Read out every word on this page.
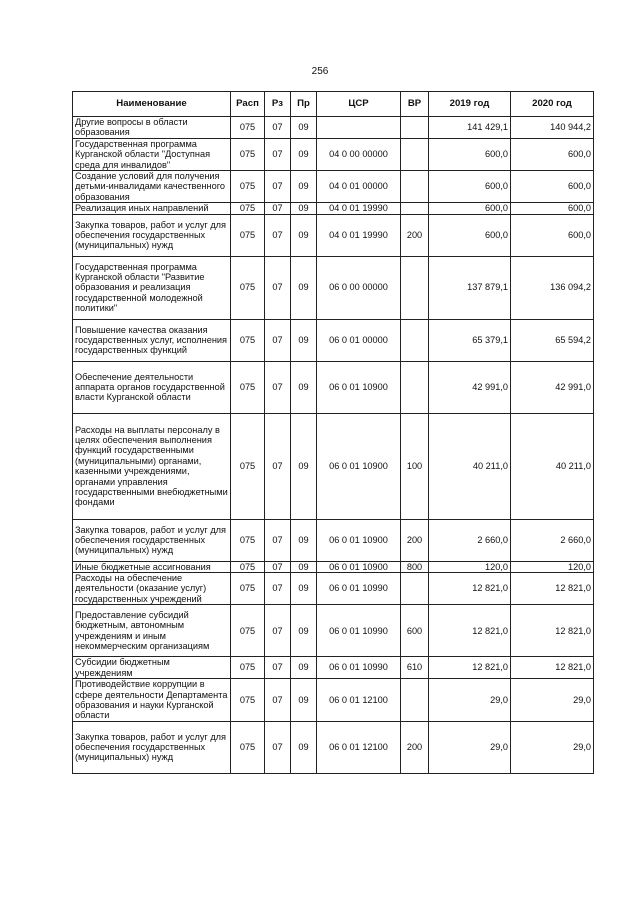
256
Наименование	Расп	Рз	Пр	ЦСР	ВР	2019 год	2020 год
Другие вопросы в области образования	075	07	09			141 429,1	140 944,2
Государственная программа Курганской области "Доступная среда для инвалидов"	075	07	09	04 0 00 00000		600,0	600,0
Создание условий для получения детьми-инвалидами качественного образования	075	07	09	04 0 01 00000		600,0	600,0
Реализация иных направлений	075	07	09	04 0 01 19990		600,0	600,0
Закупка товаров, работ и услуг для обеспечения государственных (муниципальных) нужд	075	07	09	04 0 01 19990	200	600,0	600,0
Государственная программа Курганской области "Развитие образования и реализация государственной молодежной политики"	075	07	09	06 0 00 00000		137 879,1	136 094,2
Повышение качества оказания государственных услуг, исполнения государственных функций	075	07	09	06 0 01 00000		65 379,1	65 594,2
Обеспечение деятельности аппарата органов государственной власти Курганской области	075	07	09	06 0 01 10900		42 991,0	42 991,0
Расходы на выплаты персоналу в целях обеспечения выполнения функций государственными (муниципальными) органами, казенными учреждениями, органами управления государственными внебюджетными фондами	075	07	09	06 0 01 10900	100	40 211,0	40 211,0
Закупка товаров, работ и услуг для обеспечения государственных (муниципальных) нужд	075	07	09	06 0 01 10900	200	2 660,0	2 660,0
Иные бюджетные ассигнования	075	07	09	06 0 01 10900	800	120,0	120,0
Расходы на обеспечение деятельности (оказание услуг) государственных учреждений	075	07	09	06 0 01 10990		12 821,0	12 821,0
Предоставление субсидий бюджетным, автономным учреждениям и иным некоммерческим организациям	075	07	09	06 0 01 10990	600	12 821,0	12 821,0
Субсидии бюджетным учреждениям	075	07	09	06 0 01 10990	610	12 821,0	12 821,0
Противодействие коррупции в сфере деятельности Департамента образования и науки Курганской области	075	07	09	06 0 01 12100		29,0	29,0
Закупка товаров, работ и услуг для обеспечения государственных (муниципальных) нужд	075	07	09	06 0 01 12100	200	29,0	29,0
